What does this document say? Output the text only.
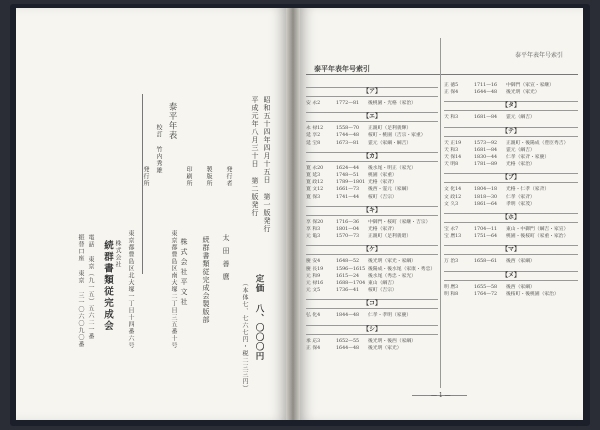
泰平年表
校訂 竹内秀雄	昭和五十四年四月十五日 第一版発行
平成元年八月三十日 第二版発行
定価 八、〇〇〇円
（本体七、七六七円・税二三三円）
発行者
製版所
印刷所
発行所
太田善麿
続群書類従完成会製版部
株式会社平文社
東京都豊島区南大塚二丁目三五番十号
東京都豊島区北大塚一丁目十四番六号
株式会社
続群書類従完成会
電話 東京（九一五）五六二一番
振替口座 東京 三一〇六〇九〇番
泰平年表年号索引
泰平年表年号索引
【ア】
安 永2	1772—81	後桃園・光格（家治）
【エ】
永 禄12	1558—70	正親町（足利義輝）
延 享2	1744—48	桜町・桃園（吉宗・家重）
延 宝8	1673—81	霊元（家綱・綱吉）
【カ】
寛 永20	1624—44	後水尾・明正（家光）
寛 延3	1748—51	桃園（家重）
寛 政12	1789—1801 光格（家斉）
寛 文12	1661—73	後西・霊元（家綱）
寛 保3	1741—44	桜町（吉宗）
【キ】
享 保20	1716—36	中御門・桜町（家継・吉宗）
享 和3	1801—04	光格（家斉）
元 亀3	1570—73	正親町（足利義昭）
【ケ】
慶 安4	1648—52	後光明（家光・家綱）
慶 長19	1596—1615 後陽成・後水尾（家康・秀忠）
元 和9	1615—24	後水尾（秀忠・家光）
元 禄16	1688—1704 東山（綱吉）
元 文5	1736—41	桜町（吉宗）
【コ】
弘 化4	1844—48	仁孝・孝明（家慶）
【シ】
承 応3	1652—55	後光明・後西（家綱）
正 保4	1644—48	後光明（家光）
正 徳5	1711—16	中御門（家宣・家継）
正 保4	1644—48	後光明（家光）
【タ】
天 和3	1681—84	霊元（綱吉）
【テ】
天 正19	1573—92	正親町・後陽成（豊臣秀吉）
天 和3	1681—84	霊元（綱吉）
天 保14	1830—44	仁孝（家斉・家慶）
天 明8	1781—89	光格（家治）
【ブ】
文 化14	1804—18	光格・仁孝（家斉）
文 政12	1818—30	仁孝（家斉）
文 久3	1861—64	孝明（家茂）
【ホ】
宝 永7	1704—11	東山・中御門（綱吉・家宣）
宝 暦13	1751—64	桃園・後桜町（家重・家治）
【マ】
万 治3	1658—61	後西（家綱）
【メ】
明 暦3	1655—58	後西（家綱）
明 和8	1764—72	後桜町・後桃園（家治）
— 1 —
